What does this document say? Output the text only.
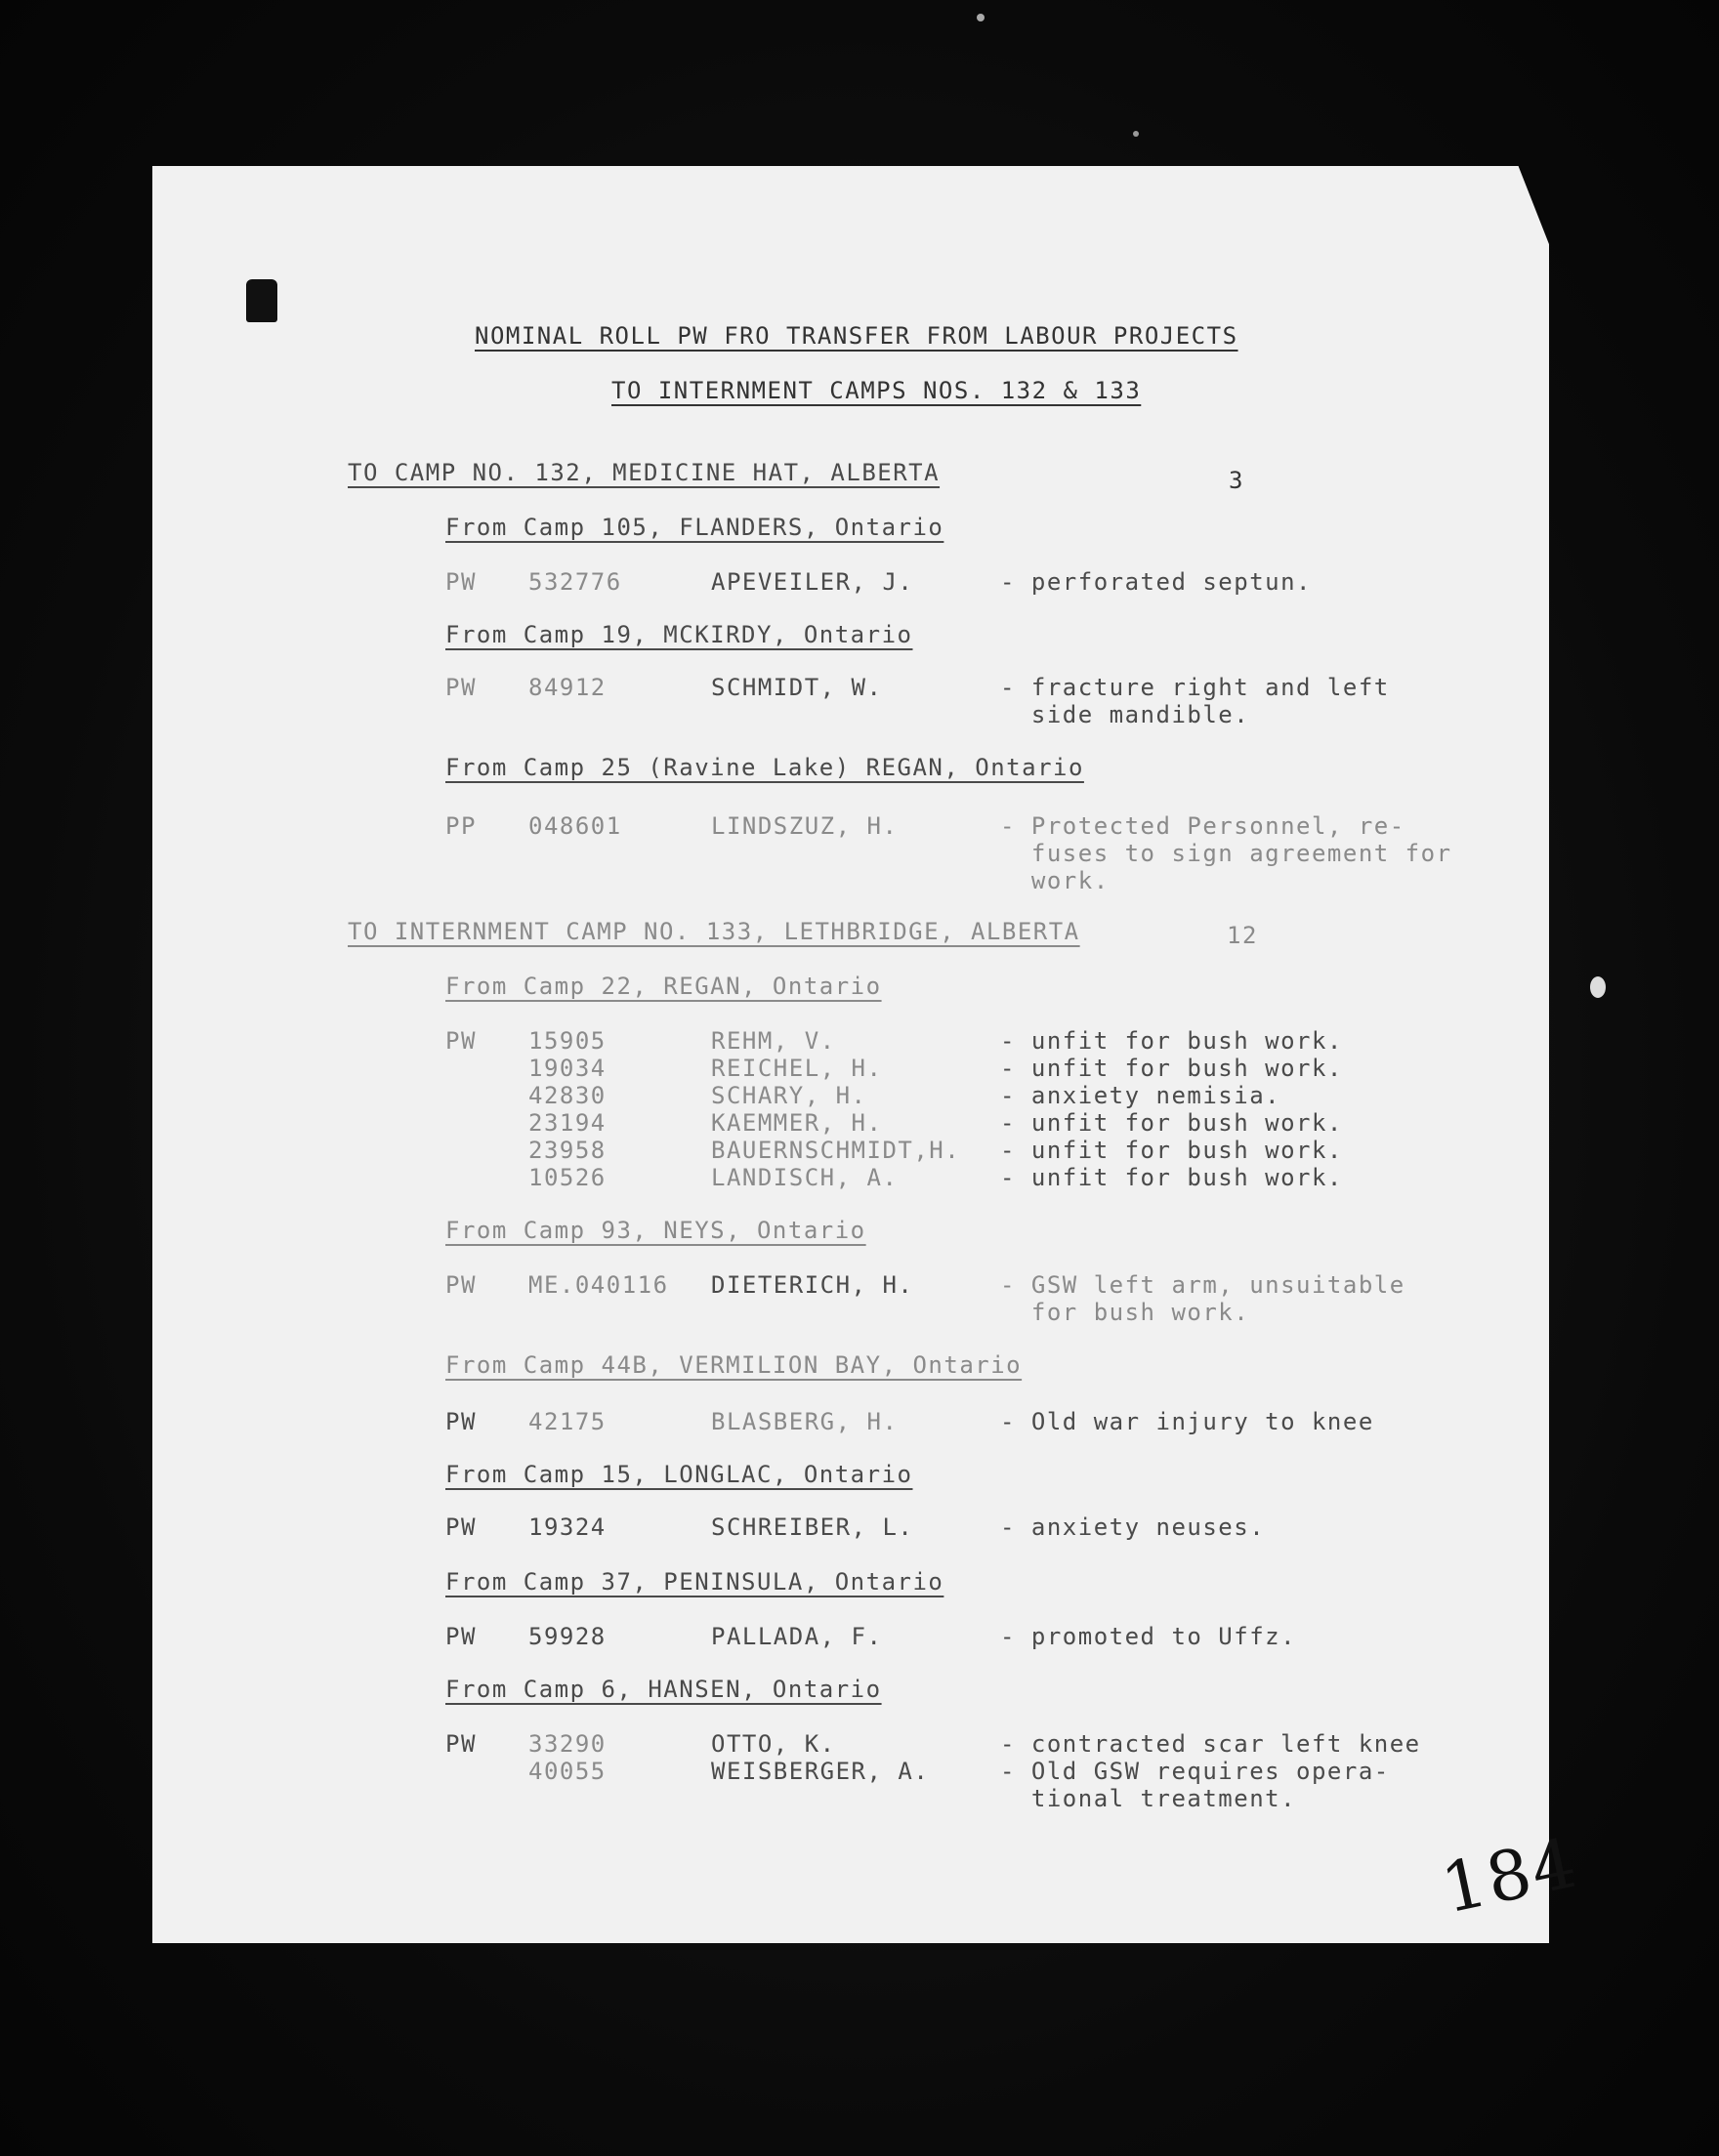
NOMINAL ROLL PW FRO TRANSFER FROM LABOUR PROJECTS
TO INTERNMENT CAMPS NOS. 132 & 133
TO CAMP NO. 132, MEDICINE HAT, ALBERTA	3
From Camp 105, FLANDERS, Ontario
PW 532776	APEVEILER, J.	- perforated septun.
From Camp 19, MCKIRDY, Ontario
PW 84912	SCHMIDT, W.	- fracture right and left
side mandible.
From Camp 25 (Ravine Lake) REGAN, Ontario
PP 048601	LINDSZUZ, H.	- Protected Personnel, re-
fuses to sign agreement for
work.
TO INTERNMENT CAMP NO. 133, LETHBRIDGE, ALBERTA	12
From Camp 22, REGAN, Ontario
PW 15905	REHM, V.	- unfit for bush work.
19034	REICHEL, H.	- unfit for bush work.
42830	SCHARY, H.	- anxiety nemisia.
23194	KAEMMER, H.	- unfit for bush work.
23958	BAUERNSCHMIDT,H. - unfit for bush work.
10526	LANDISCH, A.	- unfit for bush work.
From Camp 93, NEYS, Ontario
PW ME.040116 DIETERICH, H.	- GSW left arm, unsuitable
for bush work.
From Camp 44B, VERMILION BAY, Ontario
PW 42175	BLASBERG, H.	- Old war injury to knee
From Camp 15, LONGLAC, Ontario
PW 19324	SCHREIBER, L.	- anxiety neuses.
From Camp 37, PENINSULA, Ontario
PW 59928	PALLADA, F.	- promoted to Uffz.
From Camp 6, HANSEN, Ontario
PW 33290	OTTO, K.	- contracted scar left knee
40055	WEISBERGER, A.	- Old GSW requires opera-
tional treatment.
184
